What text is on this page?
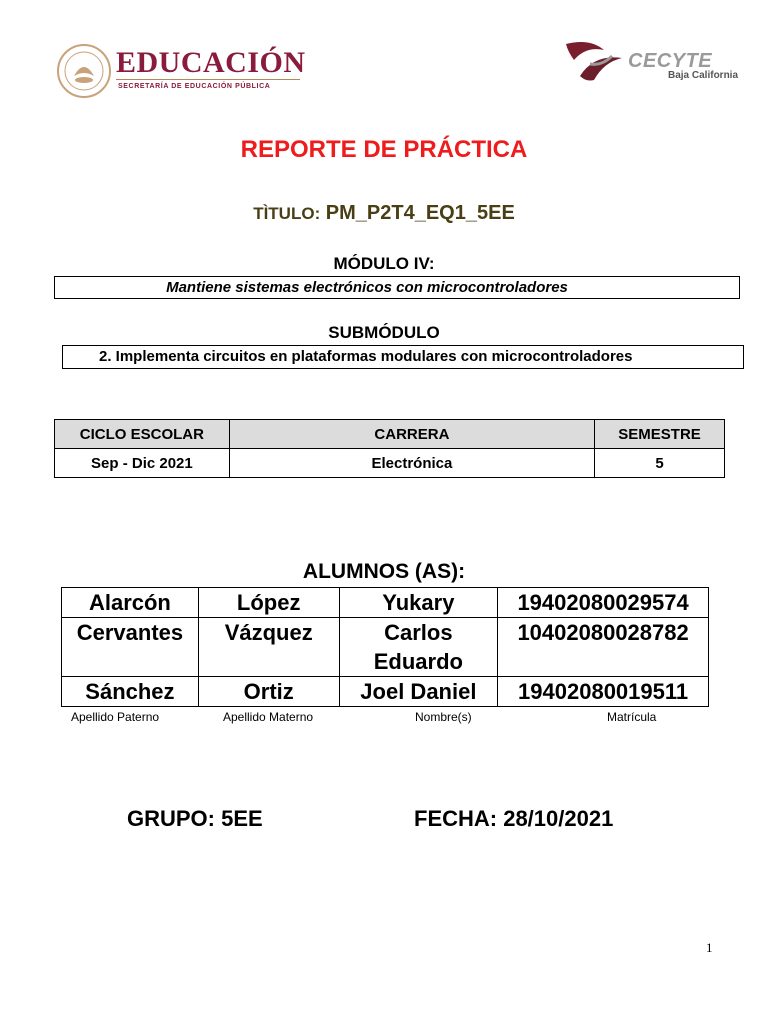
EDUCACIÓN
SECRETARÍA DE EDUCACIÓN PÚBLICA
CECYTE
Baja California
REPORTE DE PRÁCTICA
TÌTULO: PM_P2T4_EQ1_5EE
MÓDULO IV:
Mantiene sistemas electrónicos con microcontroladores
SUBMÓDULO
2. Implementa circuitos en plataformas modulares con microcontroladores
CICLO ESCOLAR	CARRERA	SEMESTRE
Sep - Dic 2021	Electrónica	5
ALUMNOS (AS):
Alarcón	López	Yukary	19402080029574
Cervantes	Vázquez	Carlos Eduardo	10402080028782
Sánchez	Ortiz	Joel Daniel	19402080019511
Apellido Paterno	Apellido Materno	Nombre(s)	Matrícula
GRUPO: 5EE	FECHA: 28/10/2021
1
